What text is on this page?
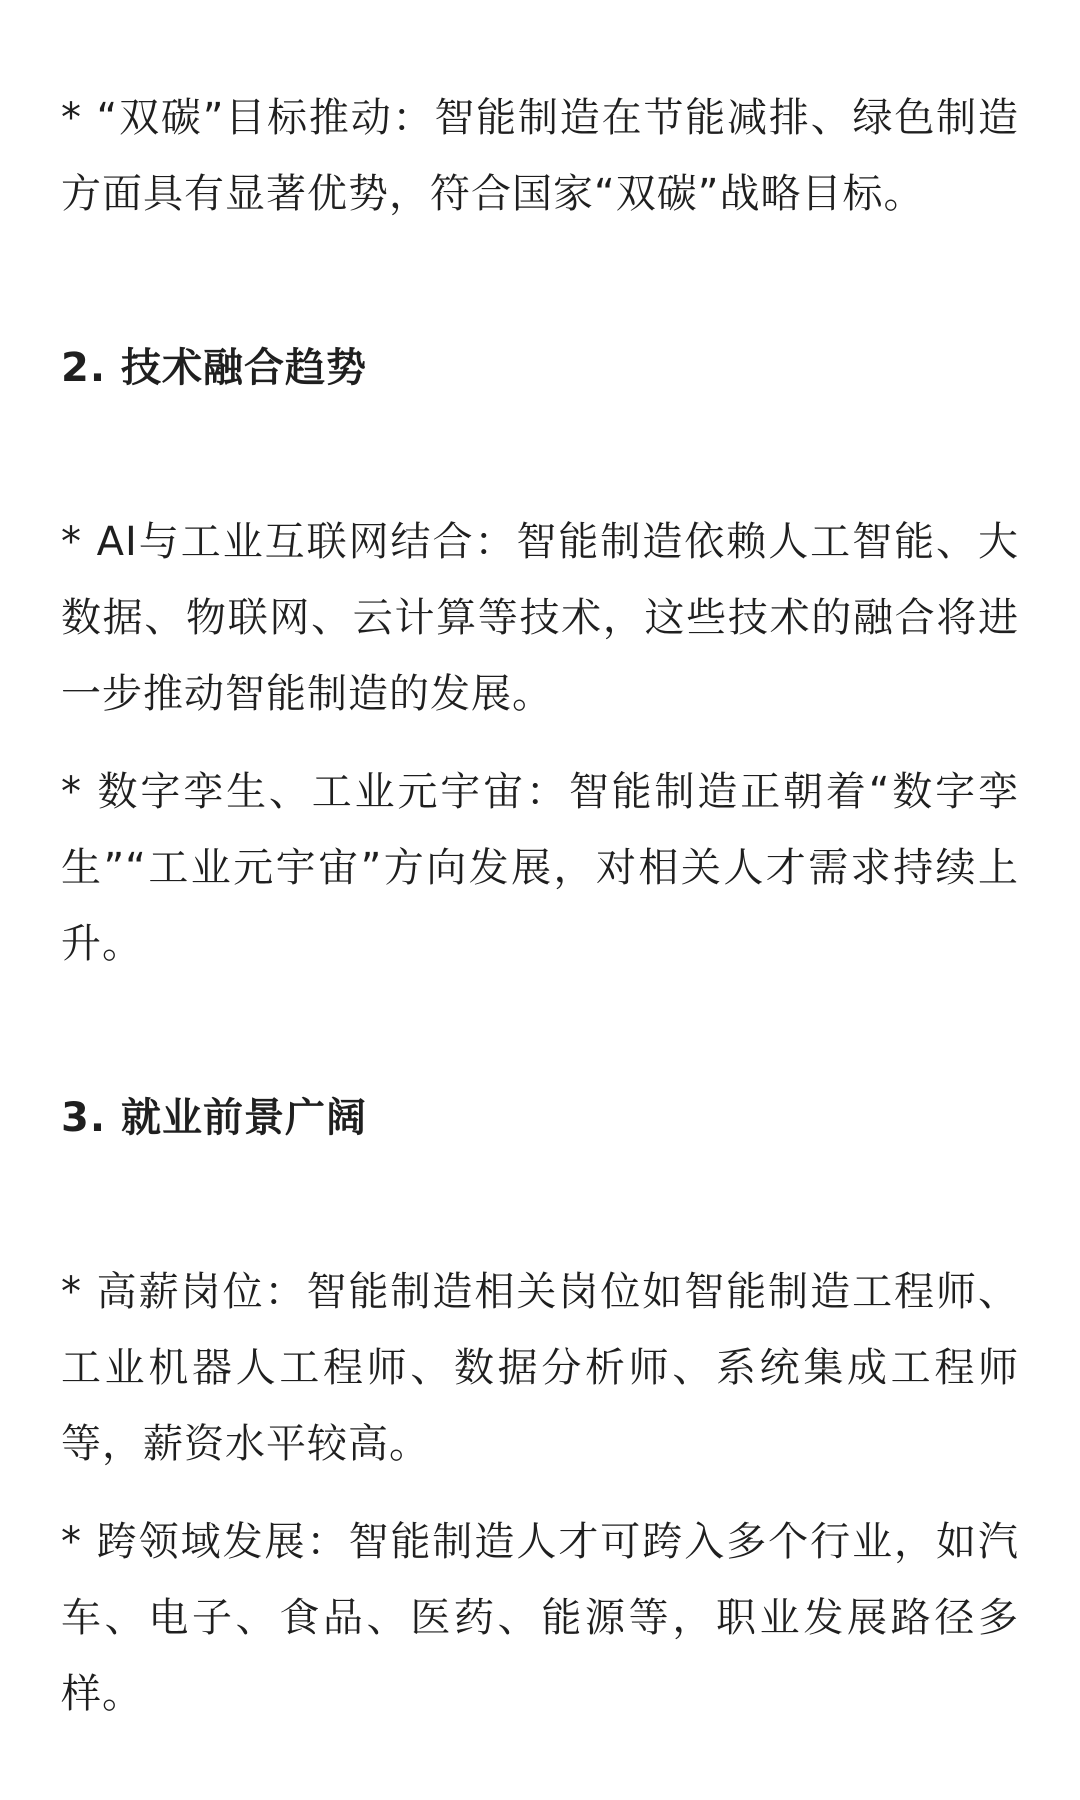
* “双碳”目标推动：智能制造在节能减排、绿色制造方面具有显著优势，符合国家“双碳”战略目标。

2. 技术融合趋势

* AI与工业互联网结合：智能制造依赖人工智能、大数据、物联网、云计算等技术，这些技术的融合将进一步推动智能制造的发展。

* 数字孪生、工业元宇宙：智能制造正朝着“数字孪生”“工业元宇宙”方向发展，对相关人才需求持续上升。

3. 就业前景广阔

* 高薪岗位：智能制造相关岗位如智能制造工程师、工业机器人工程师、数据分析师、系统集成工程师等，薪资水平较高。

* 跨领域发展：智能制造人才可跨入多个行业，如汽车、电子、食品、医药、能源等，职业发展路径多样。
